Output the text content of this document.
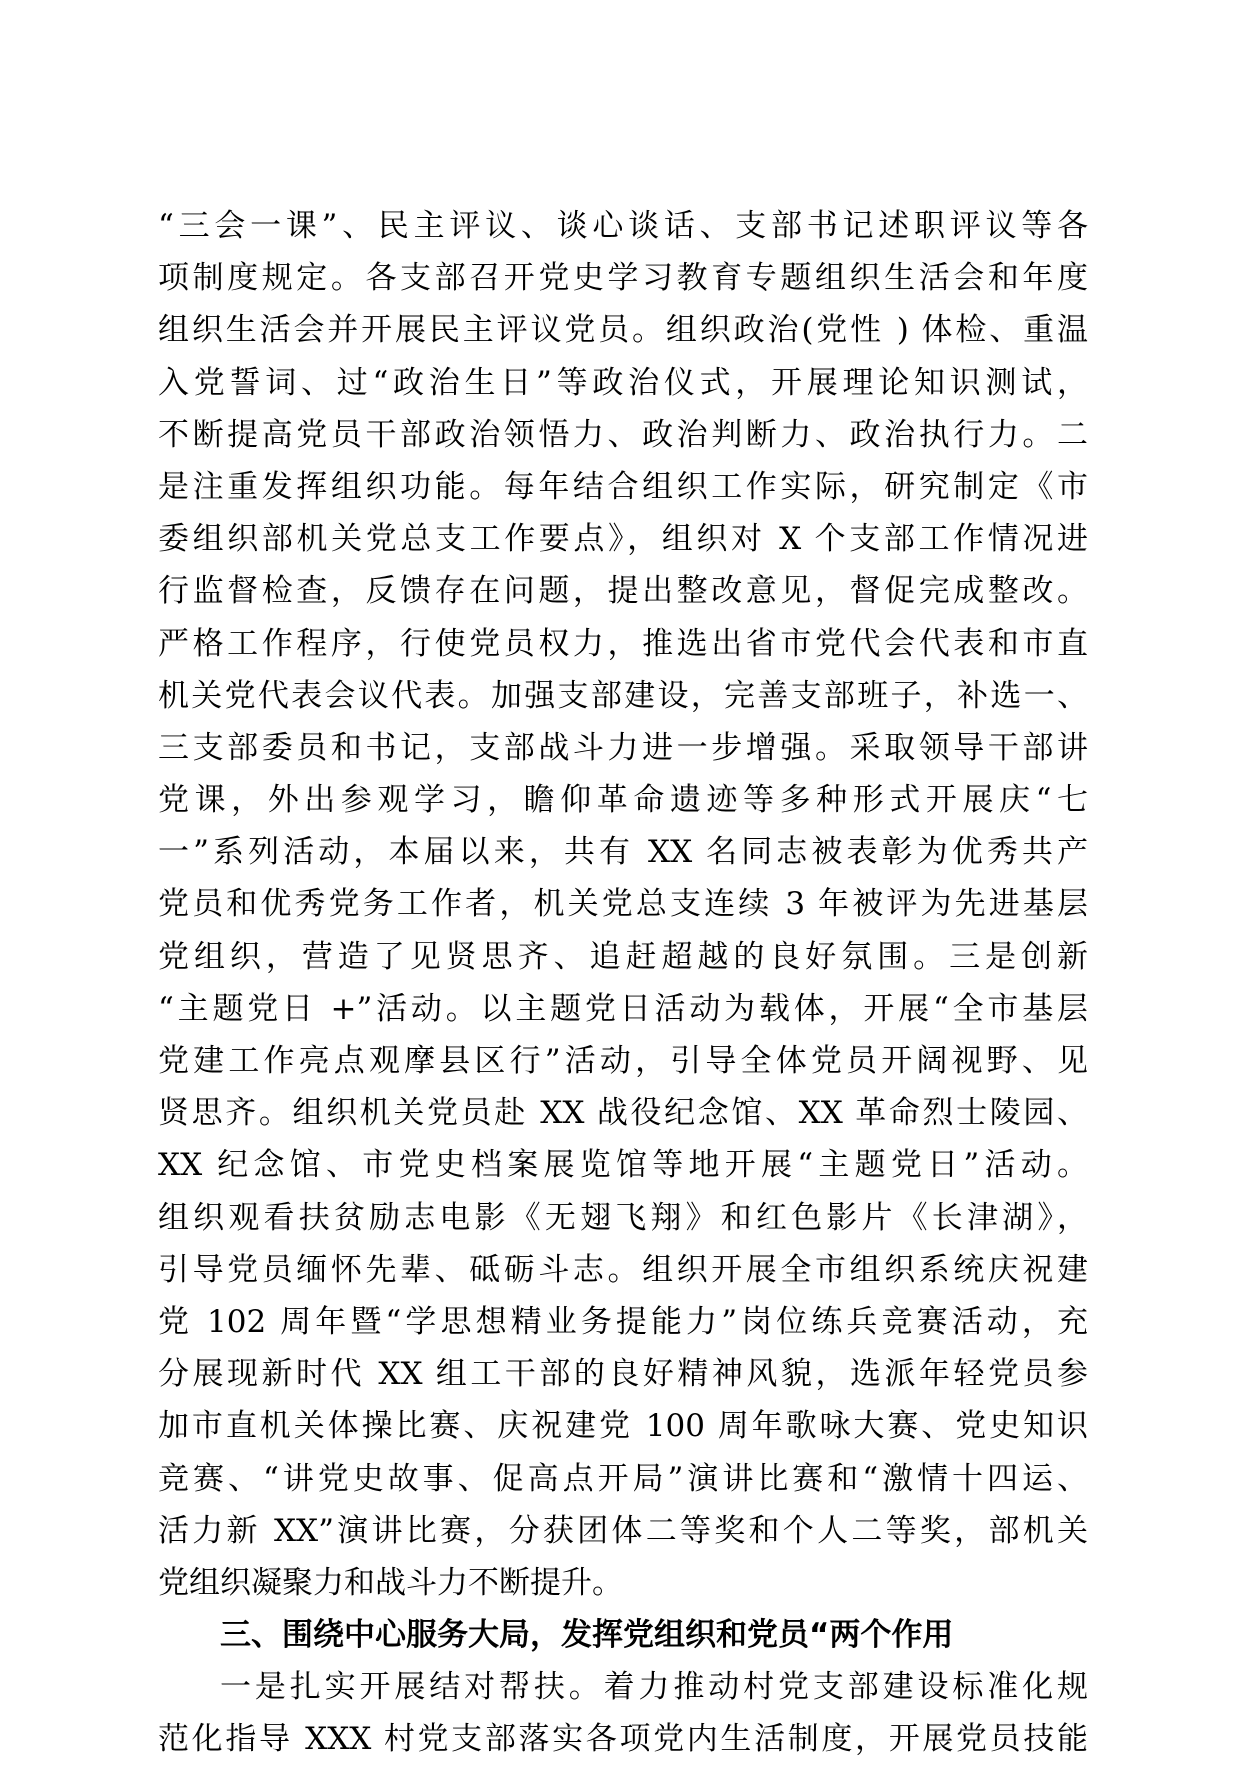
“三会一课”、民主评议、谈心谈话、支部书记述职评议等各
项制度规定。各支部召开党史学习教育专题组织生活会和年度
组织生活会并开展民主评议党员。组织政治(党性 ) 体检、重温
入党誓词、过“政治生日”等政治仪式，开展理论知识测试，
不断提高党员干部政治领悟力、政治判断力、政治执行力。二
是注重发挥组织功能。每年结合组织工作实际，研究制定《市
委组织部机关党总支工作要点》，组织对 X 个支部工作情况进
行监督检查，反馈存在问题，提出整改意见，督促完成整改。
严格工作程序，行使党员权力，推选出省市党代会代表和市直
机关党代表会议代表。加强支部建设，完善支部班子，补选一、
三支部委员和书记，支部战斗力进一步增强。采取领导干部讲
党课，外出参观学习，瞻仰革命遗迹等多种形式开展庆“七
一”系列活动，本届以来，共有 XX 名同志被表彰为优秀共产
党员和优秀党务工作者，机关党总支连续 3 年被评为先进基层
党组织，营造了见贤思齐、追赶超越的良好氛围。三是创新
“主题党日 +”活动。以主题党日活动为载体，开展“全市基层
党建工作亮点观摩县区行”活动，引导全体党员开阔视野、见
贤思齐。组织机关党员赴 XX 战役纪念馆、XX 革命烈士陵园、
XX 纪念馆、市党史档案展览馆等地开展“主题党日”活动。
组织观看扶贫励志电影《无翅飞翔》和红色影片《长津湖》，
引导党员缅怀先辈、砥砺斗志。组织开展全市组织系统庆祝建
党 102 周年暨“学思想精业务提能力”岗位练兵竞赛活动，充
分展现新时代 XX 组工干部的良好精神风貌，选派年轻党员参
加市直机关体操比赛、庆祝建党 100 周年歌咏大赛、党史知识
竞赛、“讲党史故事、促高点开局”演讲比赛和“激情十四运、
活力新 XX”演讲比赛，分获团体二等奖和个人二等奖，部机关
党组织凝聚力和战斗力不断提升。
三、围绕中心服务大局，发挥党组织和党员“两个作用
一是扎实开展结对帮扶。着力推动村党支部建设标准化规
范化指导 XXX 村党支部落实各项党内生活制度，开展党员技能
